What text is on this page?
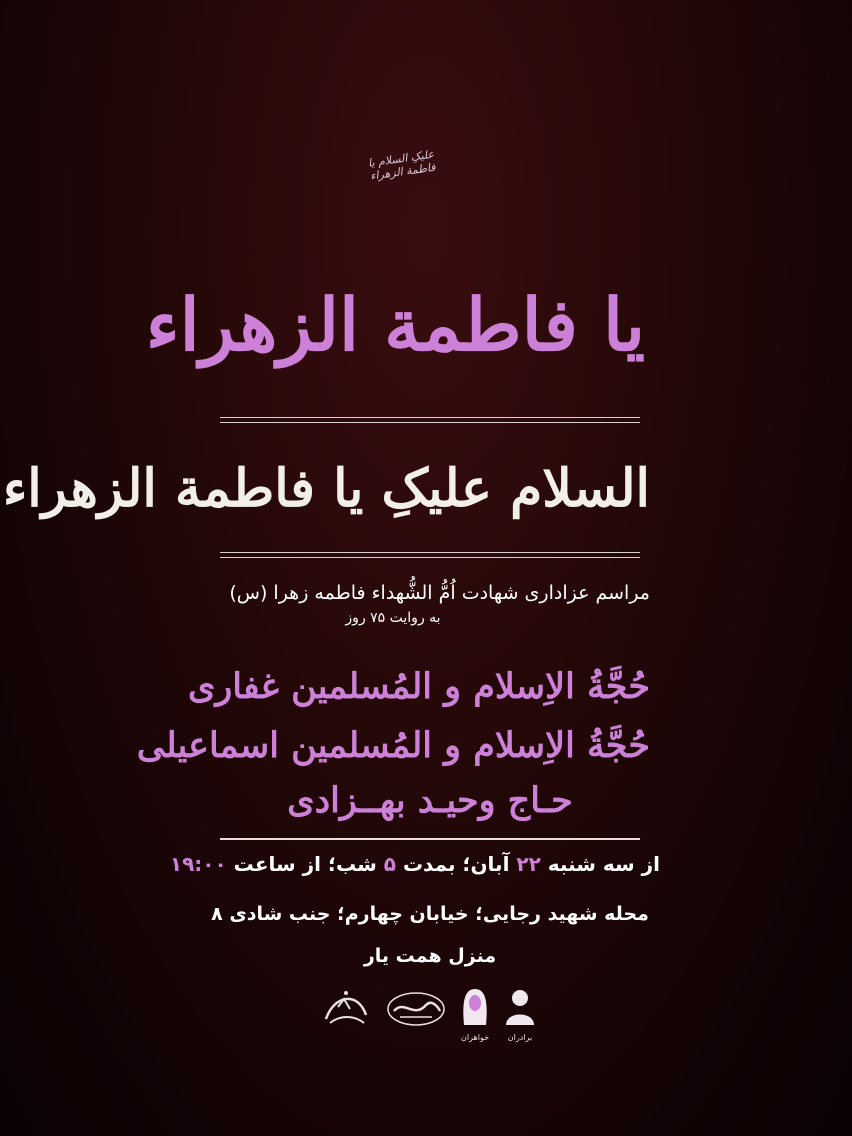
علیکِ السلام یا فاطمة الزهراء
یا فاطمة الزهراء
السلام علیکِ یا فاطمة الزهراء
مراسم عزاداری شهادت اُمُّ الشُّهداء فاطمه زهرا (س)
به روایت ۷۵ روز
حُجَّةُ الاِسلام و المُسلمین غفاری
حُجَّةُ الاِسلام و المُسلمین اسماعیلی
حـاج وحیـد بهــزادی
از سه شنبه ۲۲ آبان؛ بمدت ۵ شب؛ از ساعت ۱۹:۰۰
محله شهید رجایی؛ خیابان چهارم؛ جنب شادی ۸
منزل همت یار
خواهران	برادران
